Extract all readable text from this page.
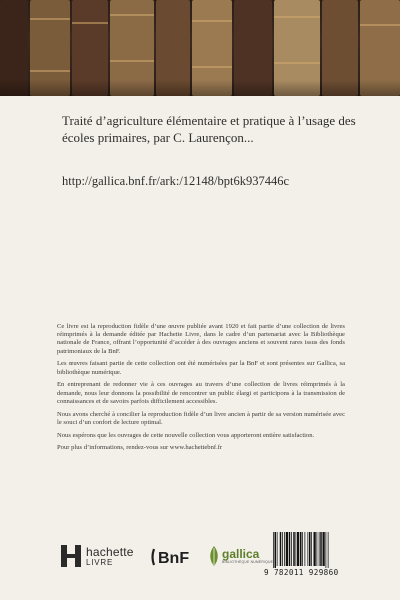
Traité d’agriculture élémentaire et pratique à l’usage des écoles primaires, par C. Laurençon...
http://gallica.bnf.fr/ark:/12148/bpt6k937446c

Ce livre est la reproduction fidèle d’une œuvre publiée avant 1920 et fait partie d’une collection de livres réimprimés à la demande éditée par Hachette Livre, dans le cadre d’un partenariat avec la Bibliothèque nationale de France, offrant l’opportunité d’accéder à des ouvrages anciens et souvent rares issus des fonds patrimoniaux de la BnF.

Les œuvres faisant partie de cette collection ont été numérisées par la BnF et sont présentes sur Gallica, sa bibliothèque numérique.

En entreprenant de redonner vie à ces ouvrages au travers d’une collection de livres réimprimés à la demande, nous leur donnons la possibilité de rencontrer un public élargi et participons à la transmission de connaissances et de savoirs parfois difficilement accessibles.

Nous avons cherché à concilier la reproduction fidèle d’un livre ancien à partir de sa version numérisée avec le souci d’un confort de lecture optimal.

Nous espérons que les ouvrages de cette nouvelle collection vous apporteront entière satisfaction.

Pour plus d’informations, rendez-vous sur www.hachettebnf.fr

hachette
LIVRE	BnF	gallica
BIBLIOTHÈQUE NUMÉRIQUE
9 782011 929860
